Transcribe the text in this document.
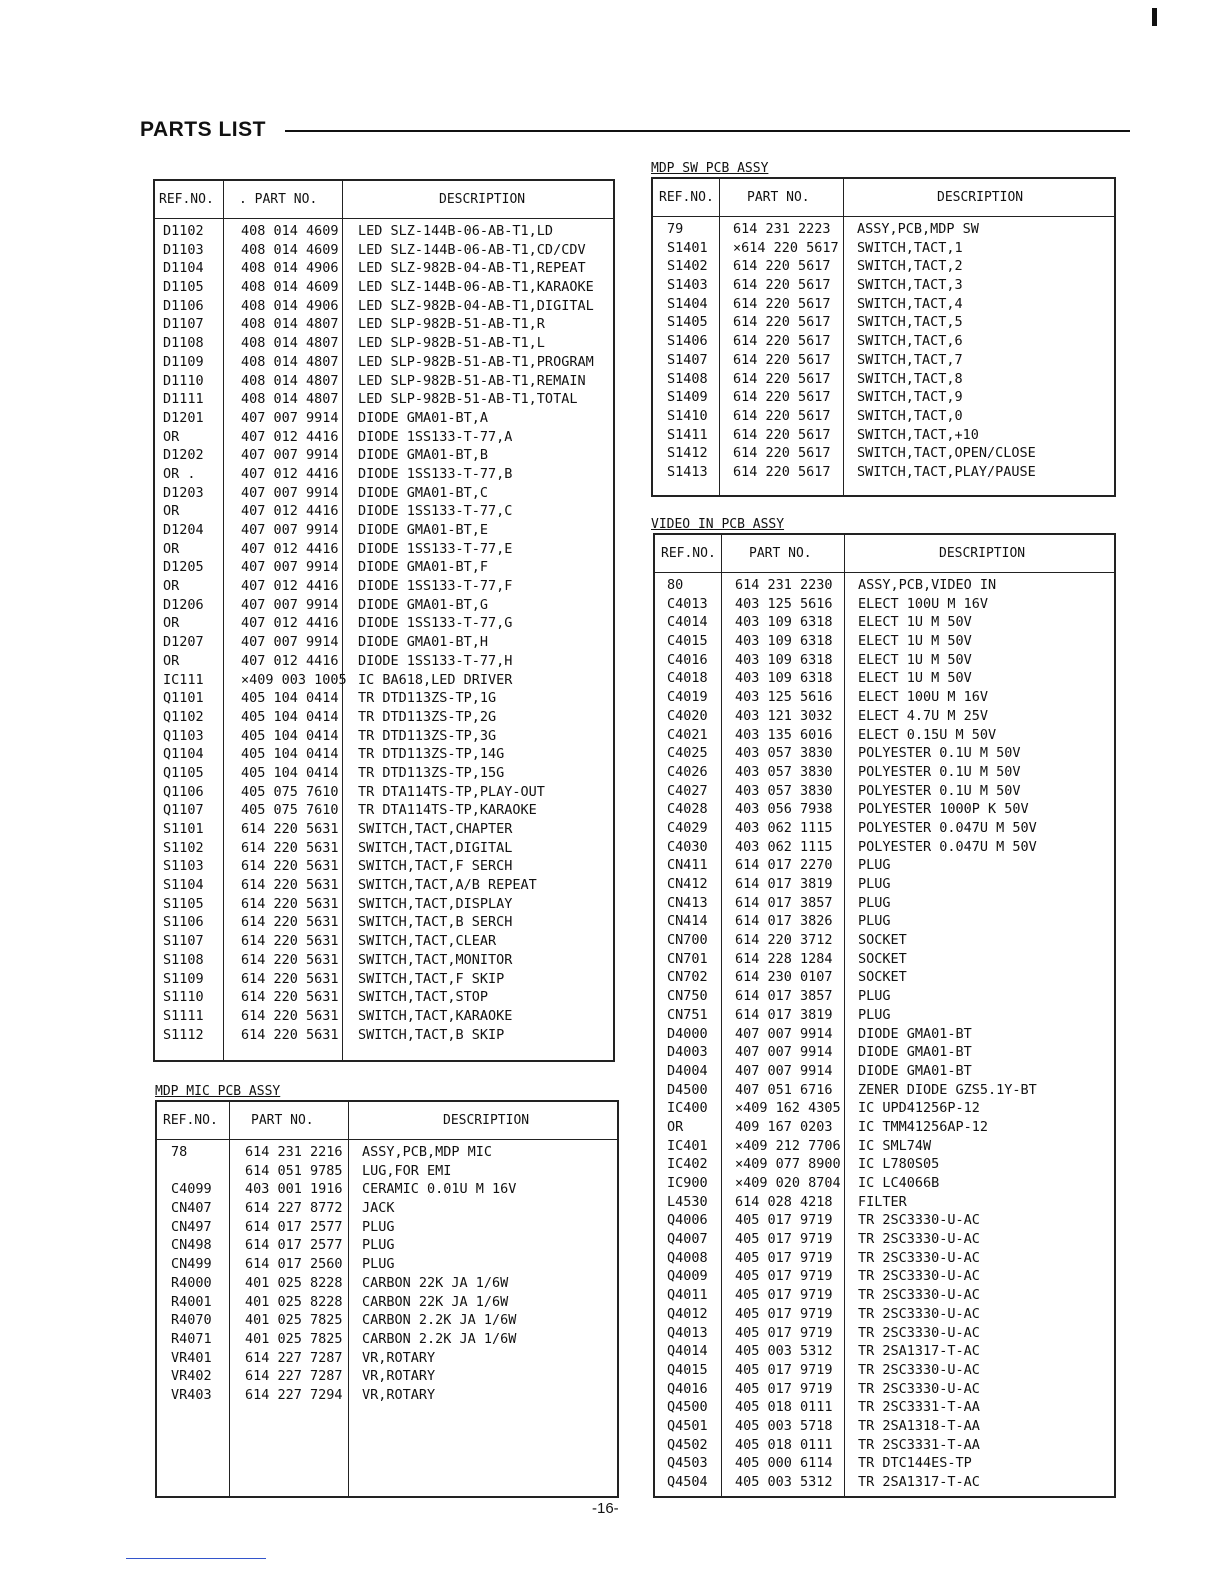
PARTS LIST
REF.NO. . PART NO.	DESCRIPTION
D1102	408 014 4609 LED SLZ-144B-06-AB-T1,LD
D1103	408 014 4609 LED SLZ-144B-06-AB-T1,CD/CDV
D1104	408 014 4906 LED SLZ-982B-04-AB-T1,REPEAT
D1105	408 014 4609 LED SLZ-144B-06-AB-T1,KARAOKE
D1106	408 014 4906 LED SLZ-982B-04-AB-T1,DIGITAL
D1107	408 014 4807 LED SLP-982B-51-AB-T1,R
D1108	408 014 4807 LED SLP-982B-51-AB-T1,L
D1109	408 014 4807 LED SLP-982B-51-AB-T1,PROGRAM
D1110	408 014 4807 LED SLP-982B-51-AB-T1,REMAIN
D1111	408 014 4807 LED SLP-982B-51-AB-T1,TOTAL
D1201	407 007 9914 DIODE GMA01-BT,A
OR	407 012 4416 DIODE 1SS133-T-77,A
D1202	407 007 9914 DIODE GMA01-BT,B
OR .	407 012 4416 DIODE 1SS133-T-77,B
D1203	407 007 9914 DIODE GMA01-BT,C
OR	407 012 4416 DIODE 1SS133-T-77,C
D1204	407 007 9914 DIODE GMA01-BT,E
OR	407 012 4416 DIODE 1SS133-T-77,E
D1205	407 007 9914 DIODE GMA01-BT,F
OR	407 012 4416 DIODE 1SS133-T-77,F
D1206	407 007 9914 DIODE GMA01-BT,G
OR	407 012 4416 DIODE 1SS133-T-77,G
D1207	407 007 9914 DIODE GMA01-BT,H
OR	407 012 4416 DIODE 1SS133-T-77,H
IC111	×409 003 1005 IC BA618,LED DRIVER
Q1101	405 104 0414 TR DTD113ZS-TP,1G
Q1102	405 104 0414 TR DTD113ZS-TP,2G
Q1103	405 104 0414 TR DTD113ZS-TP,3G
Q1104	405 104 0414 TR DTD113ZS-TP,14G
Q1105	405 104 0414 TR DTD113ZS-TP,15G
Q1106	405 075 7610 TR DTA114TS-TP,PLAY-OUT
Q1107	405 075 7610 TR DTA114TS-TP,KARAOKE
S1101	614 220 5631 SWITCH,TACT,CHAPTER
S1102	614 220 5631 SWITCH,TACT,DIGITAL
S1103	614 220 5631 SWITCH,TACT,F SERCH
S1104	614 220 5631 SWITCH,TACT,A/B REPEAT
S1105	614 220 5631 SWITCH,TACT,DISPLAY
S1106	614 220 5631 SWITCH,TACT,B SERCH
S1107	614 220 5631 SWITCH,TACT,CLEAR
S1108	614 220 5631 SWITCH,TACT,MONITOR
S1109	614 220 5631 SWITCH,TACT,F SKIP
S1110	614 220 5631 SWITCH,TACT,STOP
S1111	614 220 5631 SWITCH,TACT,KARAOKE
S1112	614 220 5631 SWITCH,TACT,B SKIP
MDP MIC PCB ASSY
REF.NO.	PART NO.	DESCRIPTION
78	614 231 2216 ASSY,PCB,MDP MIC
614 051 9785 LUG,FOR EMI
C4099 403 001 1916 CERAMIC 0.01U M 16V
CN407 614 227 8772 JACK
CN497 614 017 2577 PLUG
CN498 614 017 2577 PLUG
CN499 614 017 2560 PLUG
R4000 401 025 8228 CARBON 22K JA 1/6W
R4001 401 025 8228 CARBON 22K JA 1/6W
R4070 401 025 7825 CARBON 2.2K JA 1/6W
R4071 401 025 7825 CARBON 2.2K JA 1/6W
VR401 614 227 7287 VR,ROTARY
VR402 614 227 7287 VR,ROTARY
VR403 614 227 7294 VR,ROTARY
MDP SW PCB ASSY
REF.NO.	PART NO.	DESCRIPTION
79	614 231 2223 ASSY,PCB,MDP SW
S1401 ×614 220 5617 SWITCH,TACT,1
S1402 614 220 5617 SWITCH,TACT,2
S1403 614 220 5617 SWITCH,TACT,3
S1404 614 220 5617 SWITCH,TACT,4
S1405 614 220 5617 SWITCH,TACT,5
S1406 614 220 5617 SWITCH,TACT,6
S1407 614 220 5617 SWITCH,TACT,7
S1408 614 220 5617 SWITCH,TACT,8
S1409 614 220 5617 SWITCH,TACT,9
S1410 614 220 5617 SWITCH,TACT,0
S1411 614 220 5617 SWITCH,TACT,+10
S1412 614 220 5617 SWITCH,TACT,OPEN/CLOSE
S1413 614 220 5617 SWITCH,TACT,PLAY/PAUSE
VIDEO IN PCB ASSY
REF.NO.	PART NO.	DESCRIPTION
80	614 231 2230 ASSY,PCB,VIDEO IN
C4013 403 125 5616 ELECT 100U M 16V
C4014 403 109 6318 ELECT 1U M 50V
C4015 403 109 6318 ELECT 1U M 50V
C4016 403 109 6318 ELECT 1U M 50V
C4018 403 109 6318 ELECT 1U M 50V
C4019 403 125 5616 ELECT 100U M 16V
C4020 403 121 3032 ELECT 4.7U M 25V
C4021 403 135 6016 ELECT 0.15U M 50V
C4025 403 057 3830 POLYESTER 0.1U M 50V
C4026 403 057 3830 POLYESTER 0.1U M 50V
C4027 403 057 3830 POLYESTER 0.1U M 50V
C4028 403 056 7938 POLYESTER 1000P K 50V
C4029 403 062 1115 POLYESTER 0.047U M 50V
C4030 403 062 1115 POLYESTER 0.047U M 50V
CN411 614 017 2270 PLUG
CN412 614 017 3819 PLUG
CN413 614 017 3857 PLUG
CN414 614 017 3826 PLUG
CN700 614 220 3712 SOCKET
CN701 614 228 1284 SOCKET
CN702 614 230 0107 SOCKET
CN750 614 017 3857 PLUG
CN751 614 017 3819 PLUG
D4000 407 007 9914 DIODE GMA01-BT
D4003 407 007 9914 DIODE GMA01-BT
D4004 407 007 9914 DIODE GMA01-BT
D4500 407 051 6716 ZENER DIODE GZS5.1Y-BT
IC400 ×409 162 4305 IC UPD41256P-12
OR	409 167 0203 IC TMM41256AP-12
IC401 ×409 212 7706 IC SML74W
IC402 ×409 077 8900 IC L780S05
IC900 ×409 020 8704 IC LC4066B
L4530 614 028 4218 FILTER
Q4006 405 017 9719 TR 2SC3330-U-AC
Q4007 405 017 9719 TR 2SC3330-U-AC
Q4008 405 017 9719 TR 2SC3330-U-AC
Q4009 405 017 9719 TR 2SC3330-U-AC
Q4011 405 017 9719 TR 2SC3330-U-AC
Q4012 405 017 9719 TR 2SC3330-U-AC
Q4013 405 017 9719 TR 2SC3330-U-AC
Q4014 405 003 5312 TR 2SA1317-T-AC
Q4015 405 017 9719 TR 2SC3330-U-AC
Q4016 405 017 9719 TR 2SC3330-U-AC
Q4500 405 018 0111 TR 2SC3331-T-AA
Q4501 405 003 5718 TR 2SA1318-T-AA
Q4502 405 018 0111 TR 2SC3331-T-AA
Q4503 405 000 6114 TR DTC144ES-TP
Q4504 405 003 5312 TR 2SA1317-T-AC
-16-
